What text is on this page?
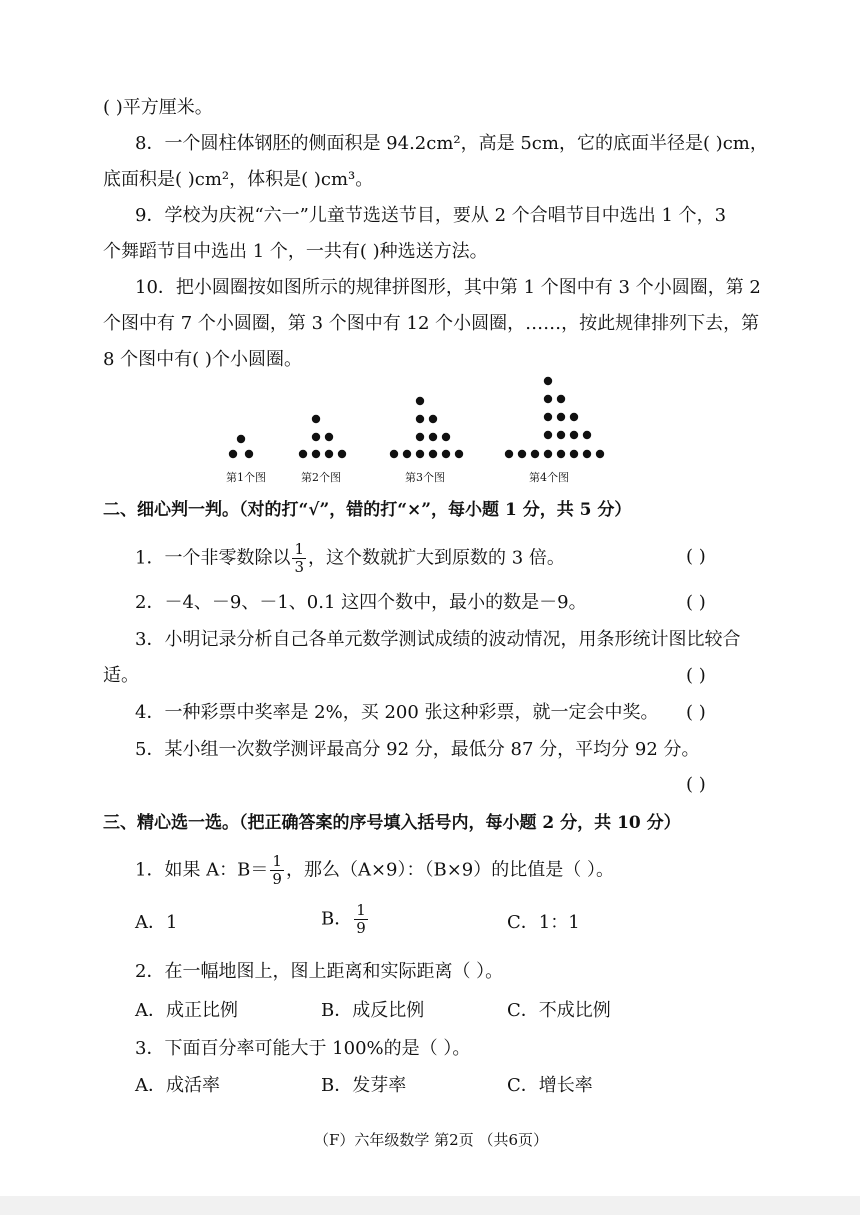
( )平方厘米。
8．一个圆柱体钢胚的侧面积是 94.2cm²，高是 5cm，它的底面半径是( )cm，
底面积是( )cm²，体积是( )cm³。
9．学校为庆祝“六一”儿童节选送节目，要从 2 个合唱节目中选出 1 个，3
个舞蹈节目中选出 1 个，一共有( )种选送方法。
10．把小圆圈按如图所示的规律拼图形，其中第 1 个图中有 3 个小圆圈，第 2
个图中有 7 个小圆圈，第 3 个图中有 12 个小圆圈，……，按此规律排列下去，第
8 个图中有( )个小圆圈。
第1个图	第2个图	第3个图	第4个图
二、细心判一判。（对的打“√”，错的打“×”，每小题 1 分，共 5 分）
1．一个非零数除以 $\frac{1}{3}$ ，这个数就扩大到原数的 3 倍。	( )
2．－4、－9、－1、0.1 这四个数中，最小的数是－9。	( )
3．小明记录分析自己各单元数学测试成绩的波动情况，用条形统计图比较合
适。	( )
4．一种彩票中奖率是 2%，买 200 张这种彩票，就一定会中奖。 ( )
5．某小组一次数学测评最高分 92 分，最低分 87 分，平均分 92 分。
( )
三、精心选一选。（把正确答案的序号填入括号内，每小题 2 分，共 10 分）
1．如果 A：$B= \frac{1}{9}$ ，那么（A×9）：（B×9）的比值是（ ）。
A．1	B． $\frac{1}{9}$	C．1：1
2．在一幅地图上，图上距离和实际距离（ ）。
A．成正比例	B．成反比例	C．不成比例
3．下面百分率可能大于 100%的是（ ）。
A．成活率	B．发芽率	C．增长率
（F）六年级数学 第2页 （共6页）
